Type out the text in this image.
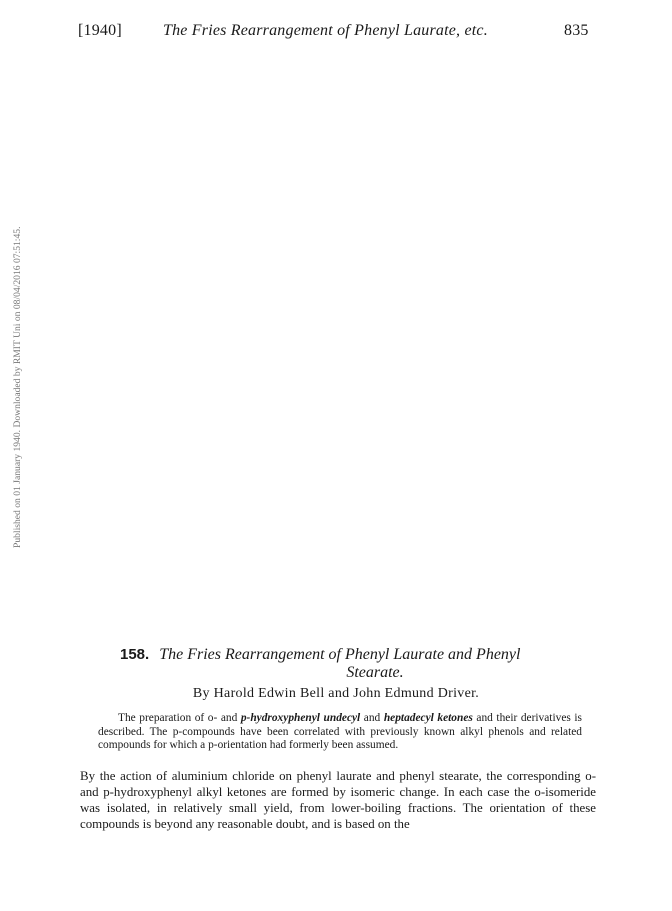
[1940]	The Fries Rearrangement of Phenyl Laurate, etc.	835
Published on 01 January 1940. Downloaded by RMIT Uni on 08/04/2016 07:51:45.
158. The Fries Rearrangement of Phenyl Laurate and Phenyl
Stearate.
By Harold Edwin Bell and John Edmund Driver.
The preparation of o- and p-hydroxyphenyl undecyl and heptadecyl ketones and their derivatives is described. The p-compounds have been correlated with previously known alkyl phenols and related compounds for which a p-orientation had formerly been assumed.
By the action of aluminium chloride on phenyl laurate and phenyl stearate, the corresponding o- and p-hydroxyphenyl alkyl ketones are formed by isomeric change. In each case the o-isomeride was isolated, in relatively small yield, from lower-boiling fractions. The orientation of these compounds is beyond any reasonable doubt, and is based on the
